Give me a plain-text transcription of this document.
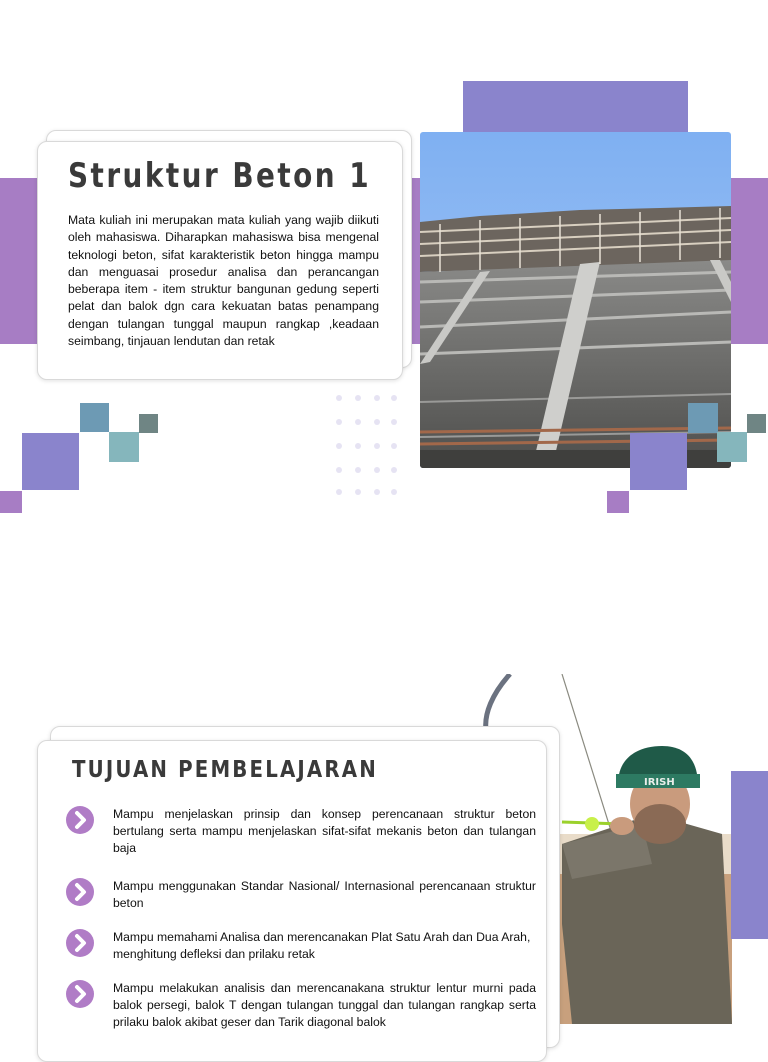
Struktur Beton 1
Mata kuliah ini merupakan mata kuliah yang wajib diikuti oleh mahasiswa. Diharapkan mahasiswa bisa mengenal teknologi beton, sifat karakteristik beton hingga mampu dan menguasai prosedur analisa dan perancangan beberapa item - item struktur bangunan gedung seperti pelat dan balok dgn cara kekuatan batas penampang dengan tulangan tunggal maupun rangkap ,keadaan seimbang, tinjauan lendutan dan retak
IRISH
TUJUAN PEMBELAJARAN
Mampu menjelaskan prinsip dan konsep perencanaan struktur beton bertulang serta mampu menjelaskan sifat-sifat mekanis beton dan tulangan baja
Mampu menggunakan Standar Nasional/ Internasional perencanaan struktur beton
Mampu memahami Analisa dan merencanakan Plat Satu Arah dan Dua Arah, menghitung defleksi dan prilaku retak
Mampu melakukan analisis dan merencanakana struktur lentur murni pada balok persegi, balok T dengan tulangan tunggal dan tulangan rangkap serta prilaku balok akibat geser dan Tarik diagonal balok
